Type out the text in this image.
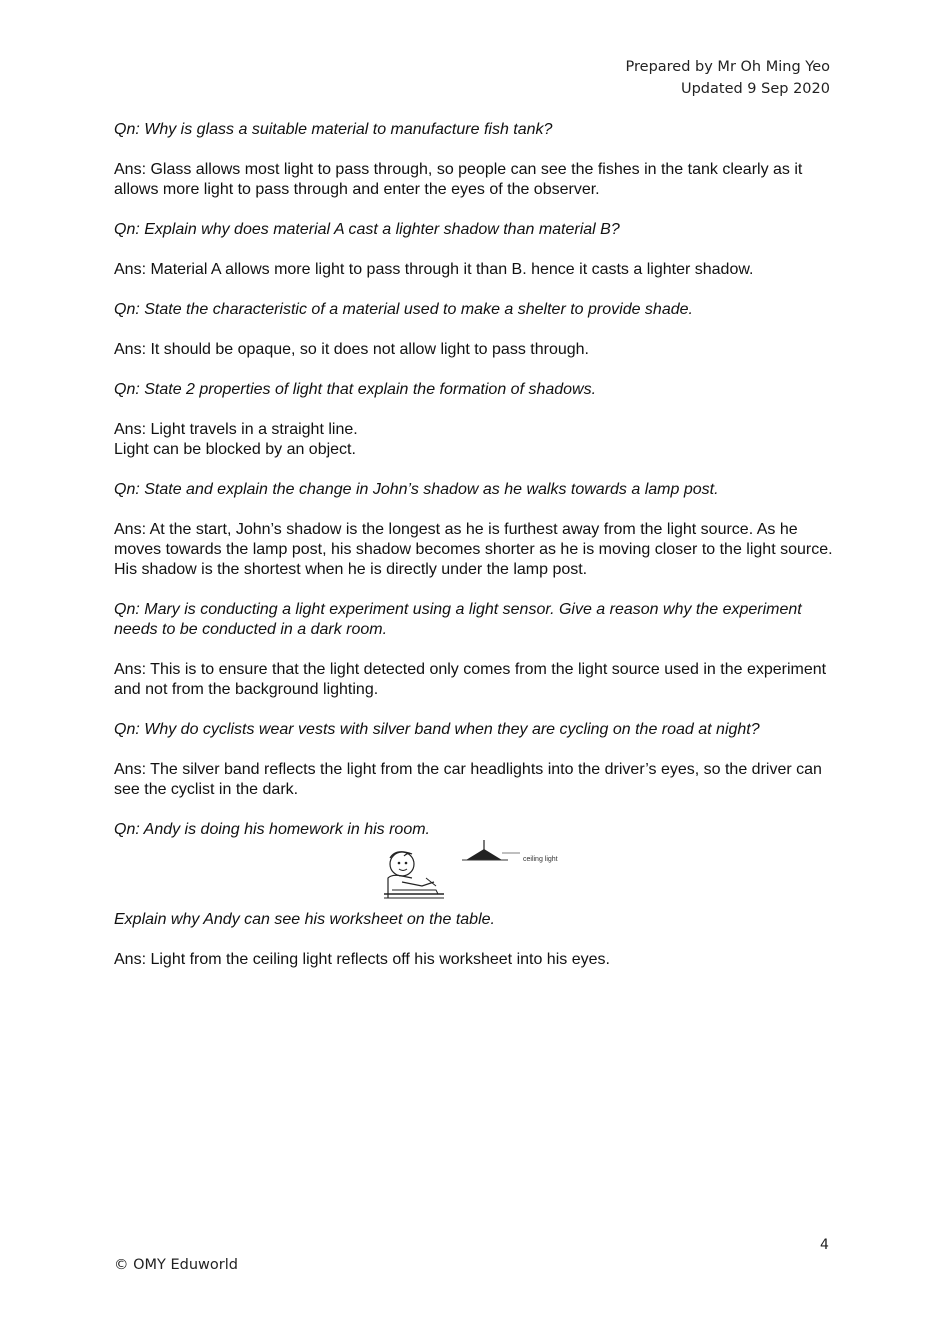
Prepared by Mr Oh Ming Yeo
Updated 9 Sep 2020
Qn: Why is glass a suitable material to manufacture fish tank?
Ans: Glass allows most light to pass through, so people can see the fishes in the tank clearly as it allows more light to pass through and enter the eyes of the observer.
Qn: Explain why does material A cast a lighter shadow than material B?
Ans: Material A allows more light to pass through it than B. hence it casts a lighter shadow.
Qn: State the characteristic of a material used to make a shelter to provide shade.
Ans: It should be opaque, so it does not allow light to pass through.
Qn: State 2 properties of light that explain the formation of shadows.
Ans: Light travels in a straight line.
Light can be blocked by an object.
Qn: State and explain the change in John’s shadow as he walks towards a lamp post.
Ans: At the start, John’s shadow is the longest as he is furthest away from the light source. As he moves towards the lamp post, his shadow becomes shorter as he is moving closer to the light source. His shadow is the shortest when he is directly under the lamp post.
Qn: Mary is conducting a light experiment using a light sensor. Give a reason why the experiment needs to be conducted in a dark room.
Ans: This is to ensure that the light detected only comes from the light source used in the experiment and not from the background lighting.
Qn: Why do cyclists wear vests with silver band when they are cycling on the road at night?
Ans: The silver band reflects the light from the car headlights into the driver’s eyes, so the driver can see the cyclist in the dark.
Qn: Andy is doing his homework in his room.
ceiling light
Explain why Andy can see his worksheet on the table.
Ans: Light from the ceiling light reflects off his worksheet into his eyes.
4
© OMY Eduworld
